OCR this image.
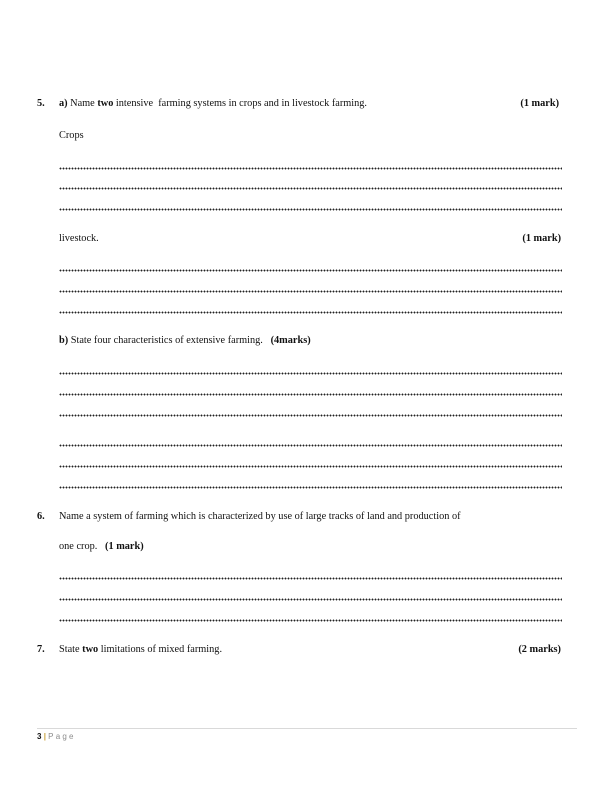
5. a) Name two intensive  farming systems in crops and in livestock farming.	(1 mark)
Crops
livestock.	(1 mark)
b) State four characteristics of extensive farming. (4marks)
6. Name a system of farming which is characterized by use of large tracks of land and production of
one crop. (1 mark)
7. State two limitations of mixed farming.	(2 marks)
3 | Page
